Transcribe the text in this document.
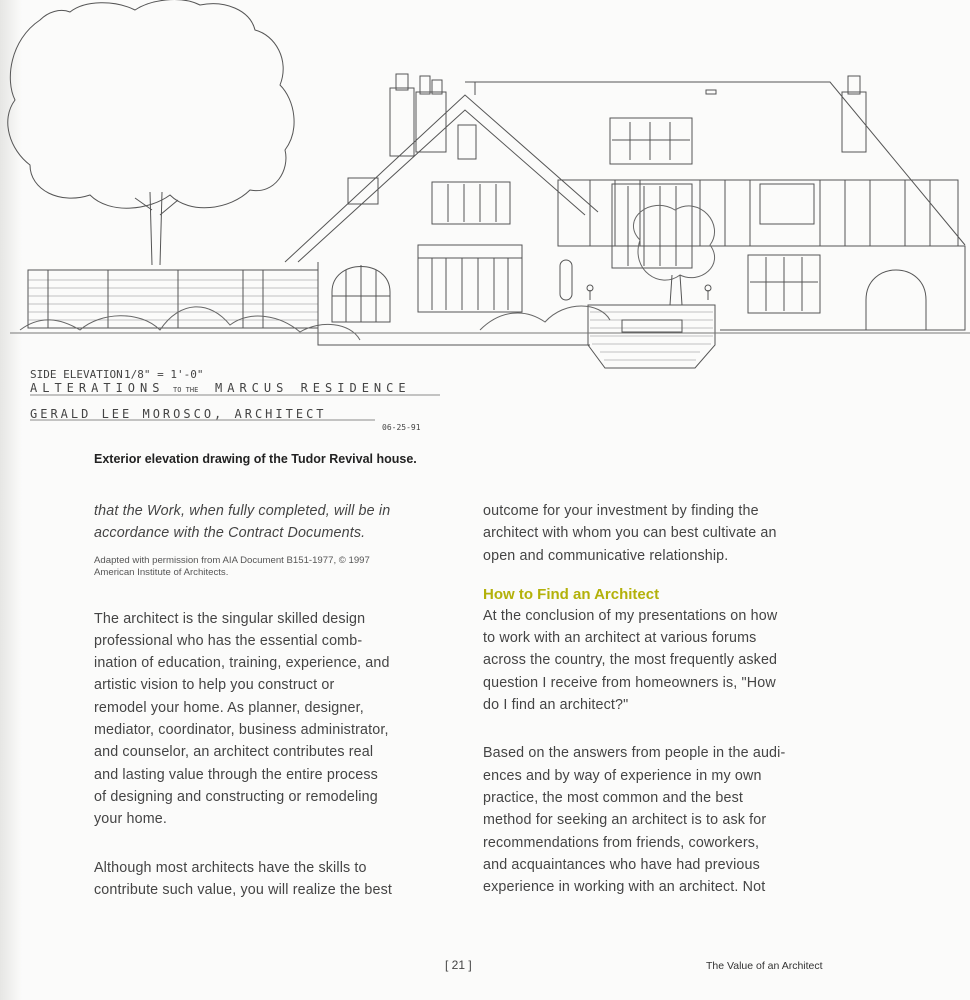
SIDE ELEVATION 1/8" = 1'-0"
ALTERATIONS TO THE MARCUS RESIDENCE
GERALD LEE MOROSCO, ARCHITECT
06-25-91
Exterior elevation drawing of the Tudor Revival house.

that the Work, when fully completed, will be in

accordance with the Contract Documents.

Adapted with permission from AIA Document B151-1977, © 1997
American Institute of Architects.

The architect is the singular skilled design

professional who has the essential comb-

ination of education, training, experience, and

artistic vision to help you construct or

remodel your home. As planner, designer,

mediator, coordinator, business administrator,

and counselor, an architect contributes real

and lasting value through the entire process

of designing and constructing or remodeling

your home.

Although most architects have the skills to

contribute such value, you will realize the best

outcome for your investment by finding the

architect with whom you can best cultivate an

open and communicative relationship.

How to Find an Architect

At the conclusion of my presentations on how

to work with an architect at various forums

across the country, the most frequently asked

question I receive from homeowners is, "How

do I find an architect?"

Based on the answers from people in the audi-

ences and by way of experience in my own

practice, the most common and the best

method for seeking an architect is to ask for

recommendations from friends, coworkers,

and acquaintances who have had previous

experience in working with an architect. Not

[ 21 ]	The Value of an Architect
